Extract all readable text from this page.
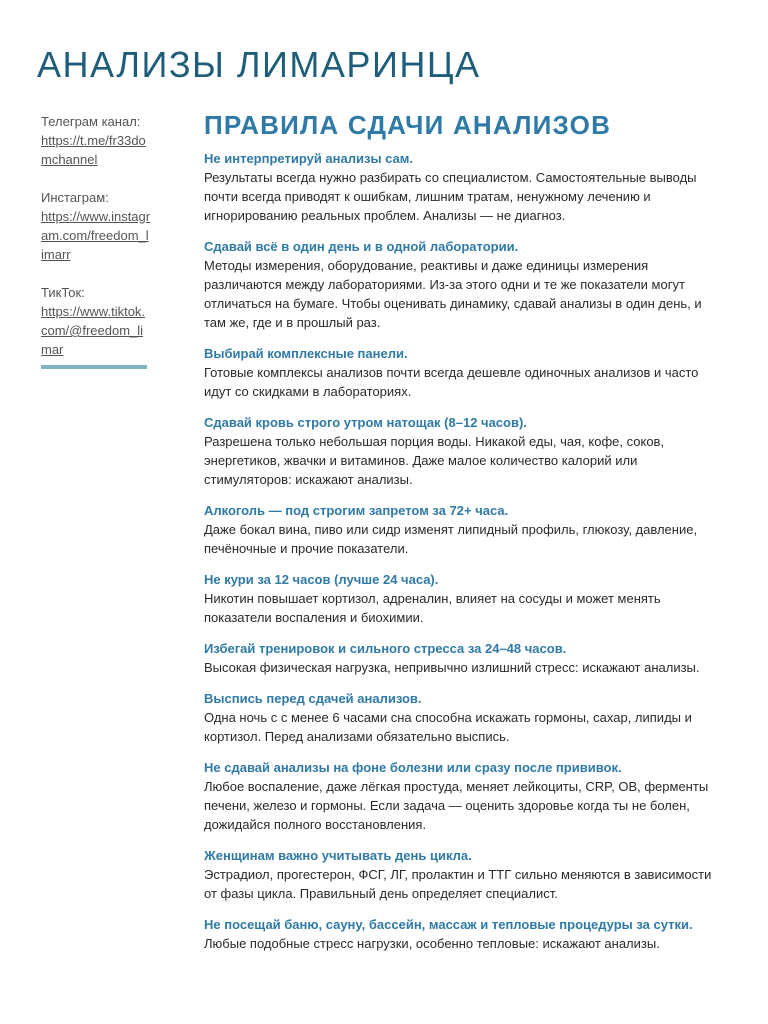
АНАЛИЗЫ ЛИМАРИНЦА
Телеграм канал:
https://t.me/fr33domchannel
Инстаграм:
https://www.instagram.com/freedom_limarr
ТикТок:
https://www.tiktok.com/@freedom_limar
ПРАВИЛА СДАЧИ АНАЛИЗОВ

Не интерпретируй анализы сам.

Результаты всегда нужно разбирать со специалистом. Самостоятельные выводы почти всегда приводят к ошибкам, лишним тратам, ненужному лечению и игнорированию реальных проблем. Анализы — не диагноз.

Сдавай всё в один день и в одной лаборатории.

Методы измерения, оборудование, реактивы и даже единицы измерения различаются между лабораториями. Из-за этого одни и те же показатели могут отличаться на бумаге. Чтобы оценивать динамику, сдавай анализы в один день, и там же, где и в прошлый раз.

Выбирай комплексные панели.

Готовые комплексы анализов почти всегда дешевле одиночных анализов и часто идут со скидками в лабораториях.

Сдавай кровь строго утром натощак (8–12 часов).

Разрешена только небольшая порция воды. Никакой еды, чая, кофе, соков, энергетиков, жвачки и витаминов. Даже малое количество калорий или стимуляторов: искажают анализы.

Алкоголь — под строгим запретом за 72+ часа.

Даже бокал вина, пиво или сидр изменят липидный профиль, глюкозу, давление, печёночные и прочие показатели.

Не кури за 12 часов (лучше 24 часа).

Никотин повышает кортизол, адреналин, влияет на сосуды и может менять показатели воспаления и биохимии.

Избегай тренировок и сильного стресса за 24–48 часов.

Высокая физическая нагрузка, непривычно излишний стресс: искажают анализы.

Выспись перед сдачей анализов.

Одна ночь с с менее 6 часами сна способна искажать гормоны, сахар, липиды и кортизол. Перед анализами обязательно выспись.

Не сдавай анализы на фоне болезни или сразу после прививок.

Любое воспаление, даже лёгкая простуда, меняет лейкоциты, CRP, ОВ, ферменты печени, железо и гормоны. Если задача — оценить здоровье когда ты не болен, дожидайся полного восстановления.

Женщинам важно учитывать день цикла.

Эстрадиол, прогестерон, ФСГ, ЛГ, пролактин и ТТГ сильно меняются в зависимости от фазы цикла. Правильный день определяет специалист.

Не посещай баню, сауну, бассейн, массаж и тепловые процедуры за сутки.

Любые подобные стресс нагрузки, особенно тепловые: искажают анализы.
